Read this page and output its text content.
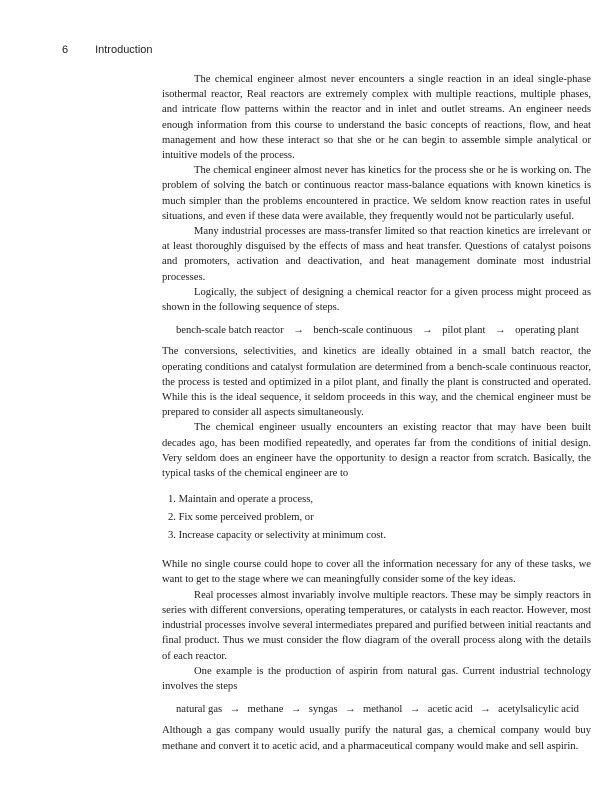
6 Introduction

The chemical engineer almost never encounters a single reaction in an ideal single-phase isothermal reactor, Real reactors are extremely complex with multiple reactions, multiple phases, and intricate flow patterns within the reactor and in inlet and outlet streams. An engineer needs enough information from this course to understand the basic concepts of reactions, flow, and heat management and how these interact so that she or he can begin to assemble simple analytical or intuitive models of the process.

The chemical engineer almost never has kinetics for the process she or he is working on. The problem of solving the batch or continuous reactor mass-balance equations with known kinetics is much simpler than the problems encountered in practice. We seldom know reaction rates in useful situations, and even if these data were available, they frequently would not be particularly useful.

Many industrial processes are mass-transfer limited so that reaction kinetics are irrelevant or at least thoroughly disguised by the effects of mass and heat transfer. Questions of catalyst poisons and promoters, activation and deactivation, and heat management dominate most industrial processes.

Logically, the subject of designing a chemical reactor for a given process might proceed as shown in the following sequence of steps.

bench-scale batch reactor → bench-scale continuous → pilot plant → operating plant

The conversions, selectivities, and kinetics are ideally obtained in a small batch reactor, the operating conditions and catalyst formulation are determined from a bench-scale continuous reactor, the process is tested and optimized in a pilot plant, and finally the plant is constructed and operated. While this is the ideal sequence, it seldom proceeds in this way, and the chemical engineer must be prepared to consider all aspects simultaneously.

The chemical engineer usually encounters an existing reactor that may have been built decades ago, has been modified repeatedly, and operates far from the conditions of initial design. Very seldom does an engineer have the opportunity to design a reactor from scratch. Basically, the typical tasks of the chemical engineer are to

1. Maintain and operate a process,
2. Fix some perceived problem, or
3. Increase capacity or selectivity at minimum cost.

While no single course could hope to cover all the information necessary for any of these tasks, we want to get to the stage where we can meaningfully consider some of the key ideas.

Real processes almost invariably involve multiple reactors. These may be simply reactors in series with different conversions, operating temperatures, or catalysts in each reactor. However, most industrial processes involve several intermediates prepared and purified between initial reactants and final product. Thus we must consider the flow diagram of the overall process along with the details of each reactor.

One example is the production of aspirin from natural gas. Current industrial technology involves the steps

natural gas → methane → syngas → methanol → acetic acid → acetylsalicylic acid

Although a gas company would usually purify the natural gas, a chemical company would buy methane and convert it to acetic acid, and a pharmaceutical company would make and sell aspirin.
